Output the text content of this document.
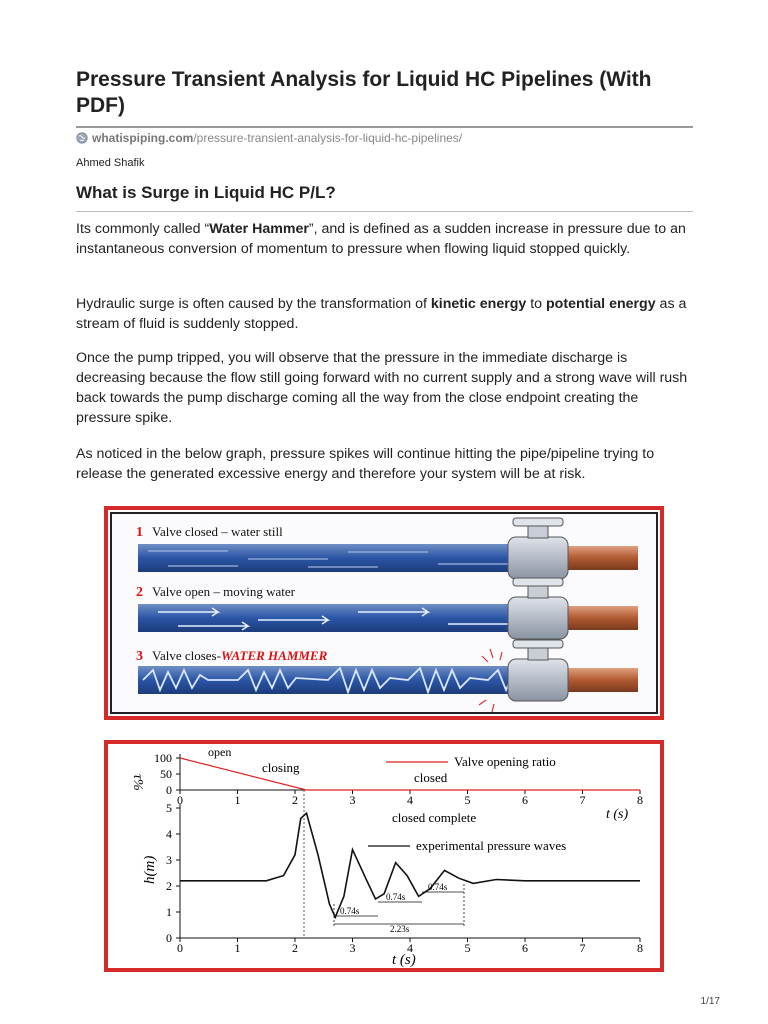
Pressure Transient Analysis for Liquid HC Pipelines (With PDF)
whatispiping.com/pressure-transient-analysis-for-liquid-hc-pipelines/
Ahmed Shafik
What is Surge in Liquid HC P/L?

Its commonly called “Water Hammer”, and is defined as a sudden increase in pressure due to an instantaneous conversion of momentum to pressure when flowing liquid stopped quickly.

Hydraulic surge is often caused by the transformation of kinetic energy to potential energy as a stream of fluid is suddenly stopped.

Once the pump tripped, you will observe that the pressure in the immediate discharge is decreasing because the flow still going forward with no current supply and a strong wave will rush back towards the pump discharge coming all the way from the close endpoint creating the pressure spike.

As noticed in the below graph, pressure spikes will continue hitting the pipe/pipeline trying to release the generated excessive energy and therefore your system will be at risk.

1 Valve closed – water still
2 Valve open – moving water
3 Valve closes-WATER HAMMER
τ%
100
50
0
0	1	2	3	4	5	6	7	8
open
closing
closed
Valve opening ratio
t (s)
h(m)
0
1
2
3
4
5
0	1	2	3	4	5	6	7	8
closed complete
experimental pressure waves
0.74s
0.74s
0.74s
2.23s
t (s)
1/17
